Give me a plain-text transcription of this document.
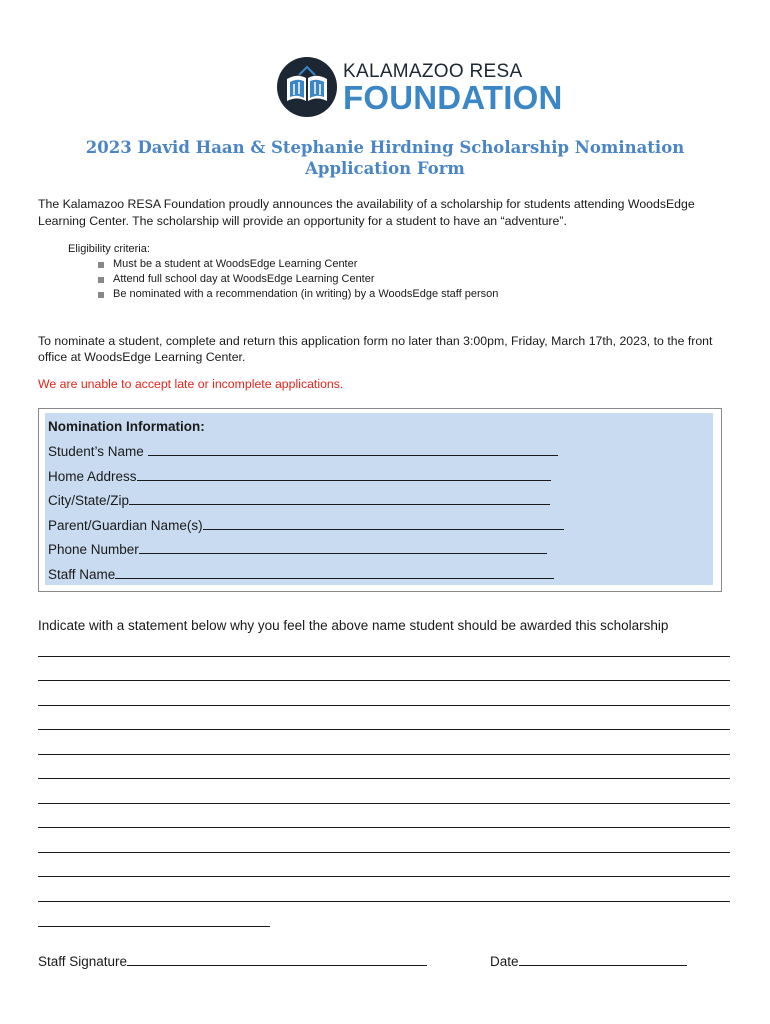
KALAMAZOO RESA
FOUNDATION
2023 David Haan & Stephanie Hirdning Scholarship Nomination
Application Form
The Kalamazoo RESA Foundation proudly announces the availability of a scholarship for students attending WoodsEdge Learning Center. The scholarship will provide an opportunity for a student to have an “adventure”.
Eligibility criteria:
Must be a student at WoodsEdge Learning Center
Attend full school day at WoodsEdge Learning Center
Be nominated with a recommendation (in writing) by a WoodsEdge staff person
To nominate a student, complete and return this application form no later than 3:00pm, Friday, March 17th, 2023, to the front office at WoodsEdge Learning Center.
We are unable to accept late or incomplete applications.
Nomination Information:
Student’s Name
Home Address
City/State/Zip
Parent/Guardian Name(s)
Phone Number
Staff Name
Indicate with a statement below why you feel the above name student should be awarded this scholarship
Staff Signature	Date
